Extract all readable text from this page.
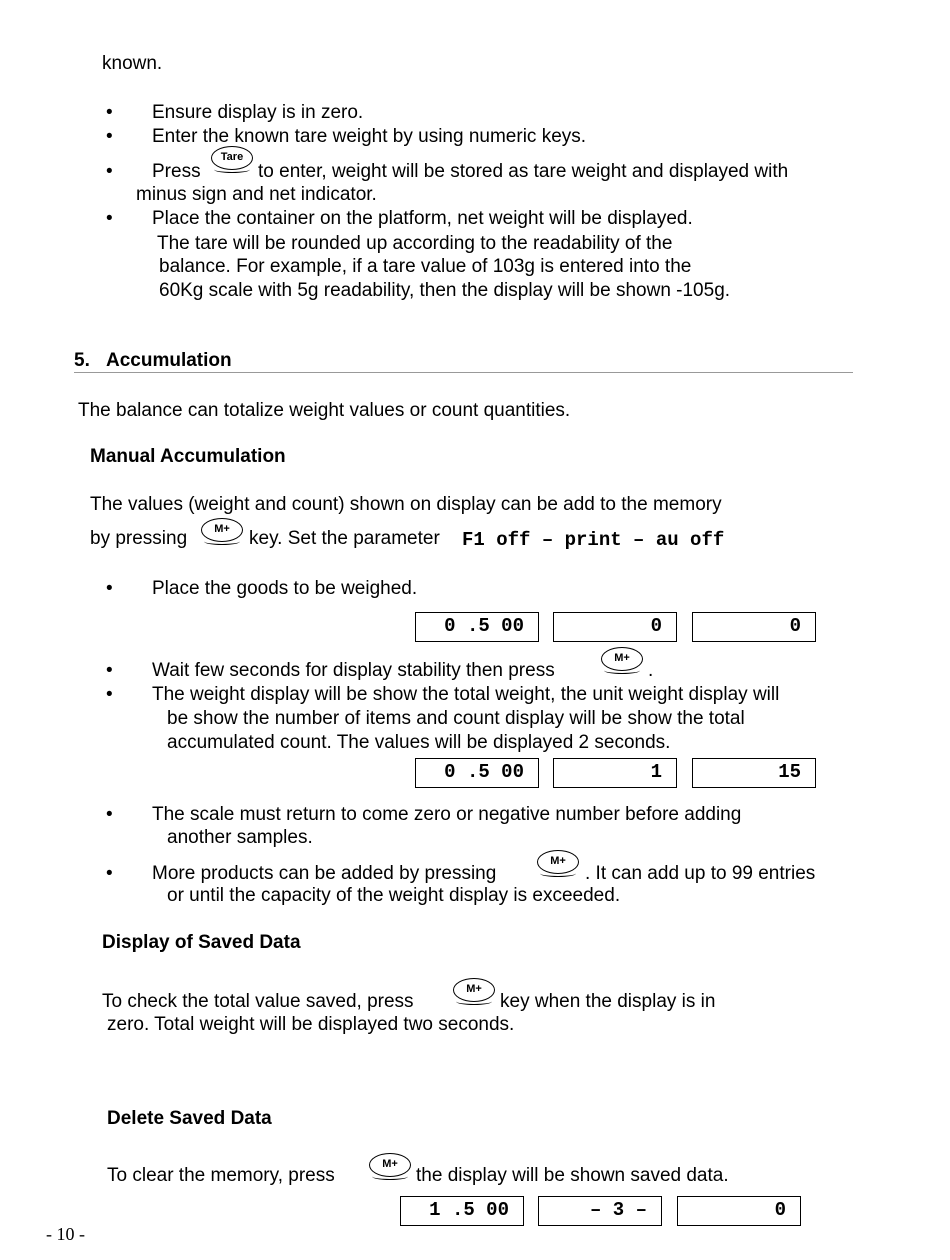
known.
• Ensure display is in zero.
• Enter the known tare weight by using numeric keys.
• Press
Tare
to enter, weight will be stored as tare weight and displayed with
minus sign and net indicator.
• Place the container on the platform, net weight will be displayed.
The tare will be rounded up according to the readability of the
balance. For example, if a tare value of 103g is entered into the
60Kg scale with 5g readability, then the display will be shown -105g.
5. Accumulation
The balance can totalize weight values or count quantities.
Manual Accumulation
The values (weight and count) shown on display can be add to the memory
by pressing	M+	key. Set the parameter F1 off – print – au off
• Place the goods to be weighed.
0 .5 00	0	0
• Wait few seconds for display stability then press
M+
.
• The weight display will be show the total weight, the unit weight display will
be show the number of items and count display will be show the total
accumulated count. The values will be displayed 2 seconds.
0 .5 00	1	15
• The scale must return to come zero or negative number before adding
another samples.
• More products can be added by pressing
M+
. It can add up to 99 entries
or until the capacity of the weight display is exceeded.
Display of Saved Data
To check the total value saved, press
M+
key when the display is in
zero. Total weight will be displayed two seconds.
Delete Saved Data
To clear the memory, press
M+
the display will be shown saved data.
1 .5 00	– 3 –	0
- 10 -
